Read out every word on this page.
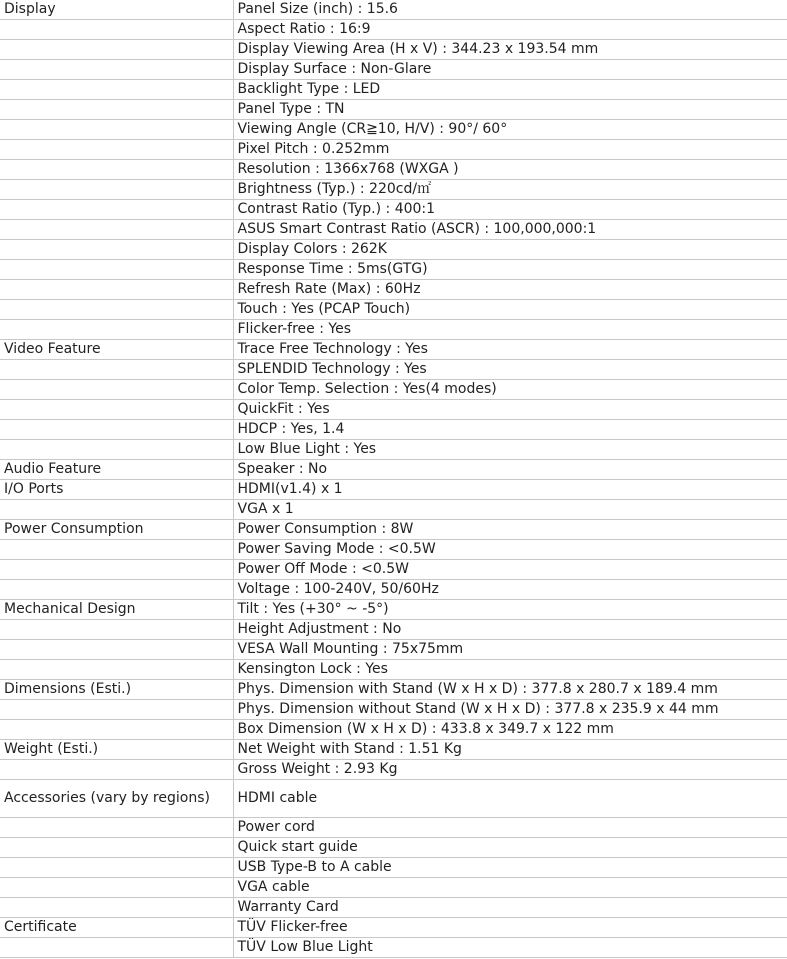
Display	Panel Size (inch) : 15.6
	Aspect Ratio : 16:9
	Display Viewing Area (H x V) : 344.23 x 193.54 mm
	Display Surface : Non-Glare
	Backlight Type : LED
	Panel Type : TN
	Viewing Angle (CR≧10, H/V) : 90°/ 60°
	Pixel Pitch : 0.252mm
	Resolution : 1366x768 (WXGA )
	Brightness (Typ.) : 220cd/㎡
	Contrast Ratio (Typ.) : 400:1
	ASUS Smart Contrast Ratio (ASCR) : 100,000,000:1
	Display Colors : 262K
	Response Time : 5ms(GTG)
	Refresh Rate (Max) : 60Hz
	Touch : Yes (PCAP Touch)
	Flicker-free : Yes
Video Feature	Trace Free Technology : Yes
	SPLENDID Technology : Yes
	Color Temp. Selection : Yes(4 modes)
	QuickFit : Yes
	HDCP : Yes, 1.4
	Low Blue Light : Yes
Audio Feature	Speaker : No
I/O Ports	HDMI(v1.4) x 1
	VGA x 1
Power Consumption	Power Consumption : 8W
	Power Saving Mode : <0.5W
	Power Off Mode : <0.5W
	Voltage : 100-240V, 50/60Hz
Mechanical Design	Tilt : Yes (+30° ~ -5°)
	Height Adjustment : No
	VESA Wall Mounting : 75x75mm
	Kensington Lock : Yes
Dimensions (Esti.)	Phys. Dimension with Stand (W x H x D) : 377.8 x 280.7 x 189.4 mm
	Phys. Dimension without Stand (W x H x D) : 377.8 x 235.9 x 44 mm
	Box Dimension (W x H x D) : 433.8 x 349.7 x 122 mm
Weight (Esti.)	Net Weight with Stand : 1.51 Kg
	Gross Weight : 2.93 Kg
Accessories (vary by regions)	HDMI cable
	Power cord
	Quick start guide
	USB Type-B to A cable
	VGA cable
	Warranty Card
Certificate	TÜV Flicker-free
	TÜV Low Blue Light
